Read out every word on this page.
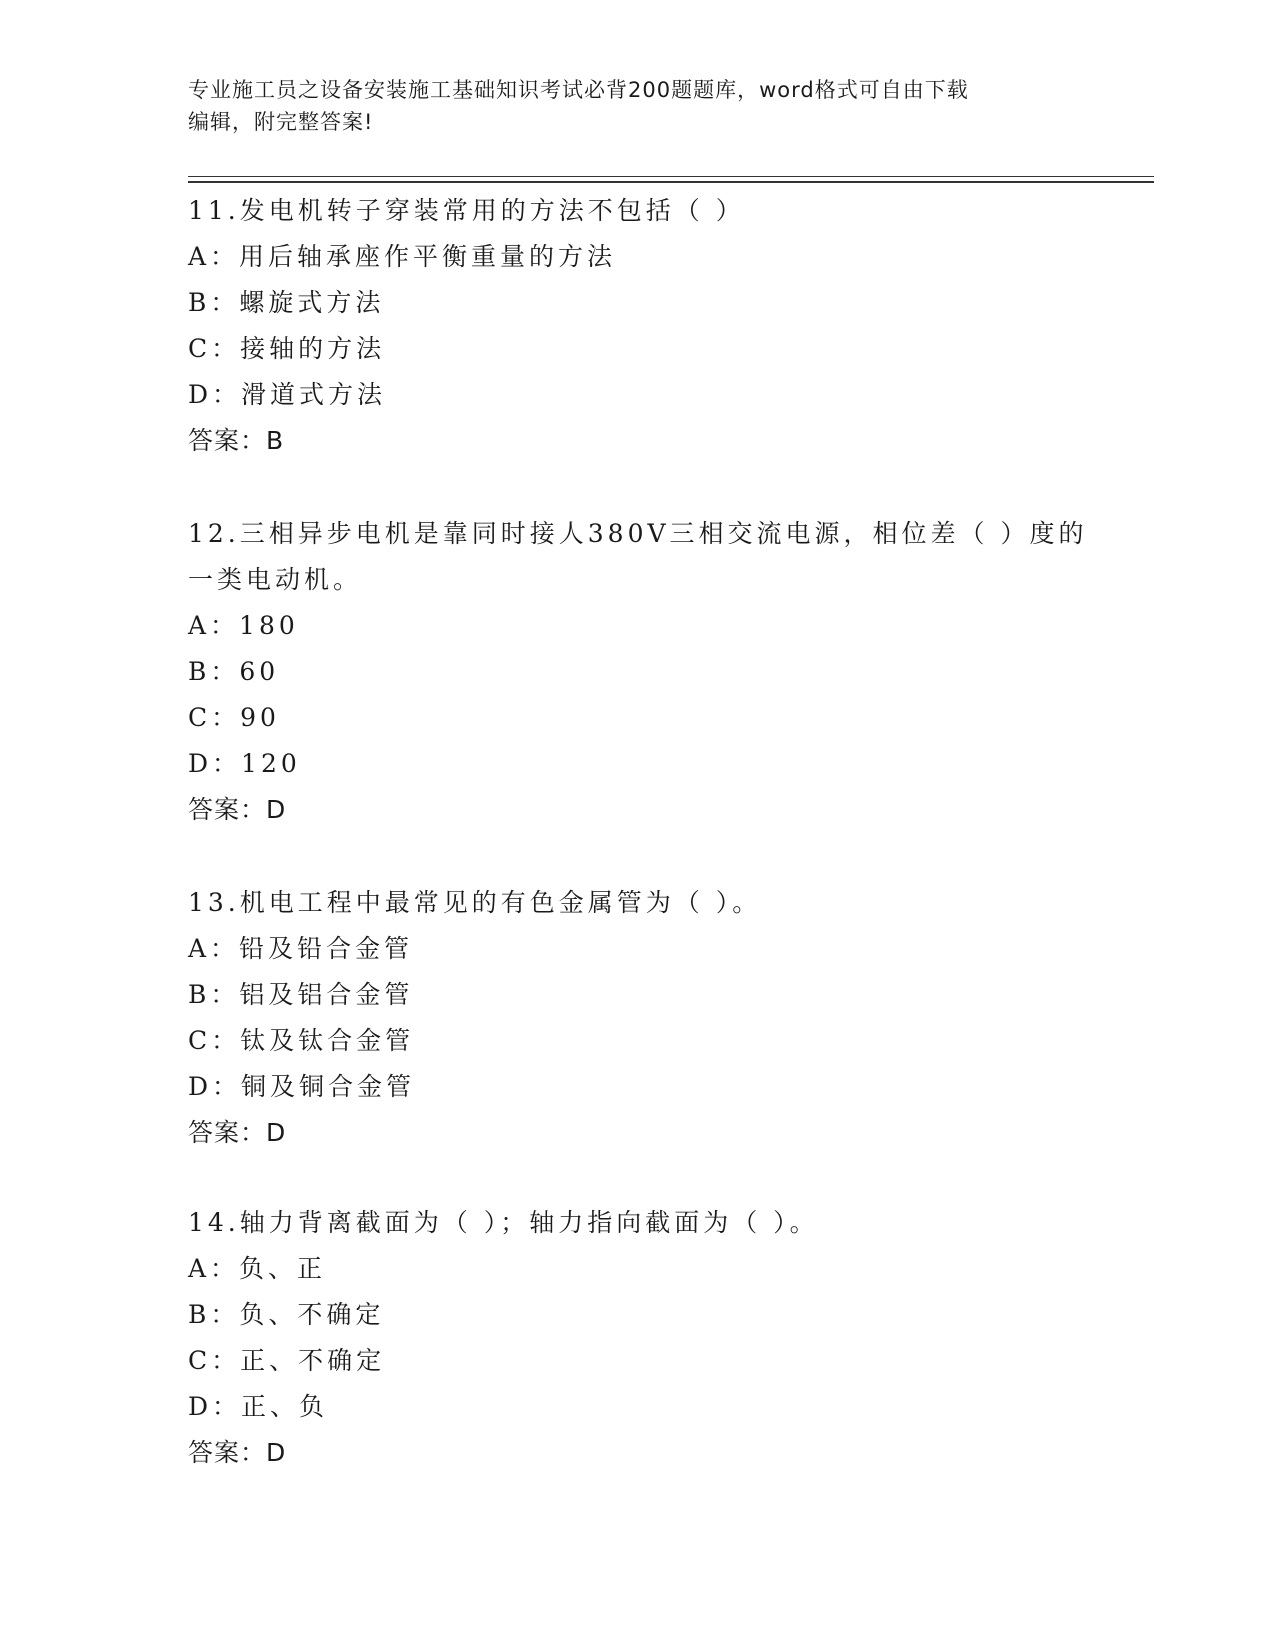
专业施工员之设备安装施工基础知识考试必背200题题库，word格式可自由下载
编辑，附完整答案!
11.发电机转子穿装常用的方法不包括（ ）
A：用后轴承座作平衡重量的方法
B：螺旋式方法
C：接轴的方法
D：滑道式方法
答案：B
12.三相异步电机是靠同时接人380V三相交流电源，相位差（ ）度的
一类电动机。
A：180
B：60
C：90
D：120
答案：D
13.机电工程中最常见的有色金属管为（ ）。
A：铅及铅合金管
B：铝及铝合金管
C：钛及钛合金管
D：铜及铜合金管
答案：D
14.轴力背离截面为（ ）；轴力指向截面为（ ）。
A：负、正
B：负、不确定
C：正、不确定
D：正、负
答案：D
